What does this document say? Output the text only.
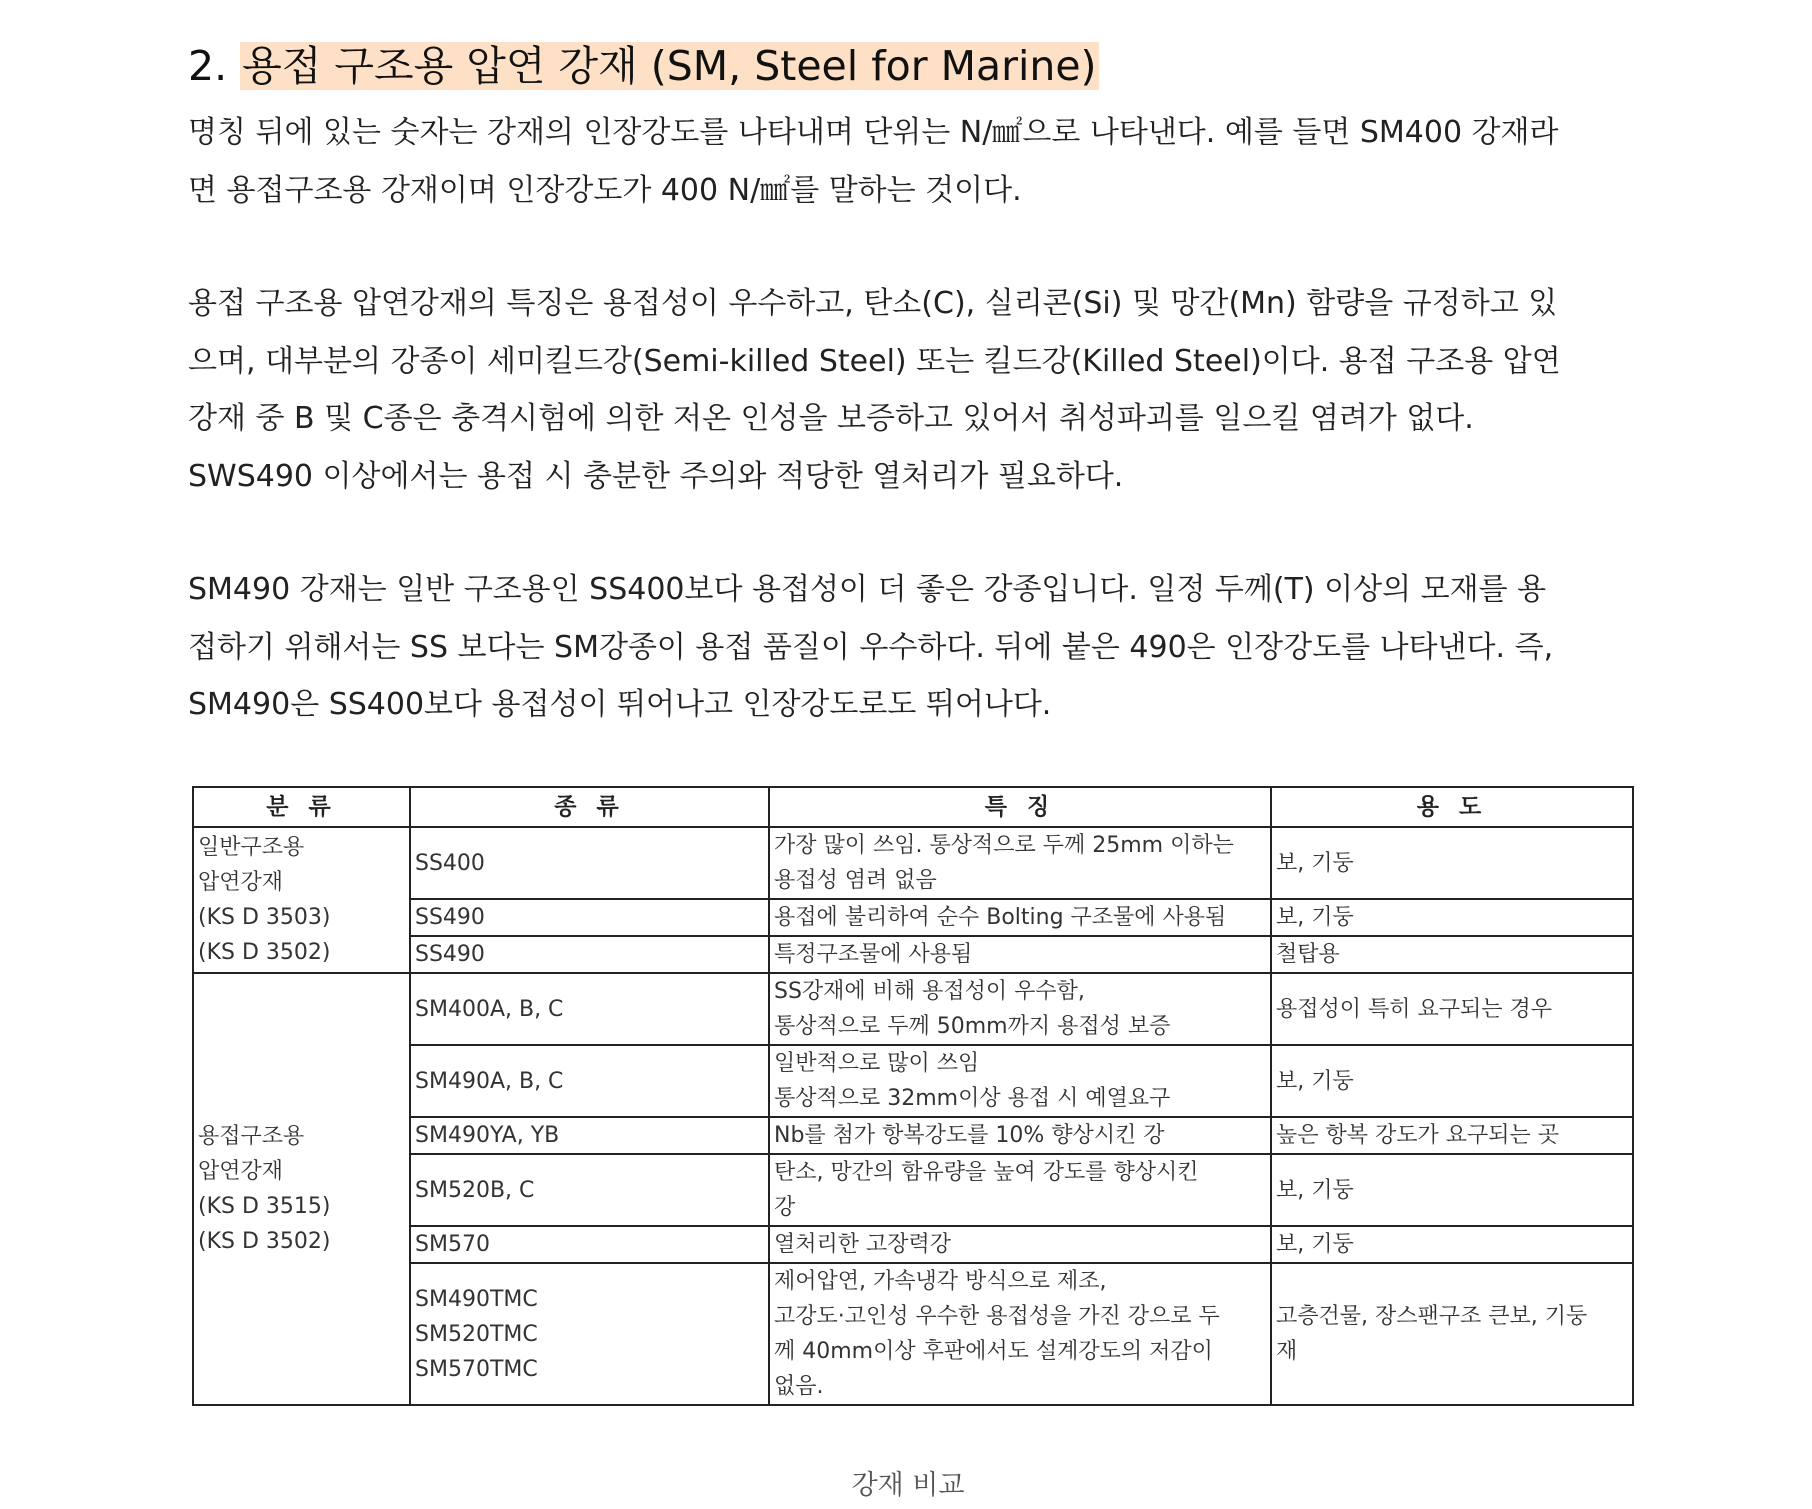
2. 용접 구조용 압연 강재 (SM, Steel for Marine)
명칭 뒤에 있는 숫자는 강재의 인장강도를 나타내며 단위는 N/㎟으로 나타낸다. 예를 들면 SM400 강재라
면 용접구조용 강재이며 인장강도가 400 N/㎟를 말하는 것이다.
용접 구조용 압연강재의 특징은 용접성이 우수하고, 탄소(C), 실리콘(Si) 및 망간(Mn) 함량을 규정하고 있
으며, 대부분의 강종이 세미킬드강(Semi-killed Steel) 또는 킬드강(Killed Steel)이다. 용접 구조용 압연
강재 중 B 및 C종은 충격시험에 의한 저온 인성을 보증하고 있어서 취성파괴를 일으킬 염려가 없다.
SWS490 이상에서는 용접 시 충분한 주의와 적당한 열처리가 필요하다.
SM490 강재는 일반 구조용인 SS400보다 용접성이 더 좋은 강종입니다. 일정 두께(T) 이상의 모재를 용
접하기 위해서는 SS 보다는 SM강종이 용접 품질이 우수하다. 뒤에 붙은 490은 인장강도를 나타낸다. 즉,
SM490은 SS400보다 용접성이 뛰어나고 인장강도로도 뛰어나다.
분 류	종 류	특 징	용 도

일반구조용
압연강재
(KS D 3503)
(KS D 3502)	SS400	가장 많이 쓰임. 통상적으로 두께 25mm 이하는
용접성 염려 없음	보, 기둥

	SS490	용접에 불리하여 순수 Bolting 구조물에 사용됨	보, 기둥

	SS490	특정구조물에 사용됨	철탑용

용접구조용
압연강재
(KS D 3515)
(KS D 3502)	SM400A, B, C	SS강재에 비해 용접성이 우수함,
통상적으로 두께 50mm까지 용접성 보증	용접성이 특히 요구되는 경우

	SM490A, B, C	일반적으로 많이 쓰임
통상적으로 32mm이상 용접 시 예열요구	보, 기둥

	SM490YA, YB	Nb를 첨가 항복강도를 10% 향상시킨 강	높은 항복 강도가 요구되는 곳

	SM520B, C	탄소, 망간의 함유량을 높여 강도를 향상시킨
강	보, 기둥

	SM570	열처리한 고장력강	보, 기둥

	SM490TMC
SM520TMC
SM570TMC	제어압연, 가속냉각 방식으로 제조,
고강도·고인성 우수한 용접성을 가진 강으로 두
께 40mm이상 후판에서도 설계강도의 저감이
없음.	고층건물, 장스팬구조 큰보, 기둥
재
강재 비교
